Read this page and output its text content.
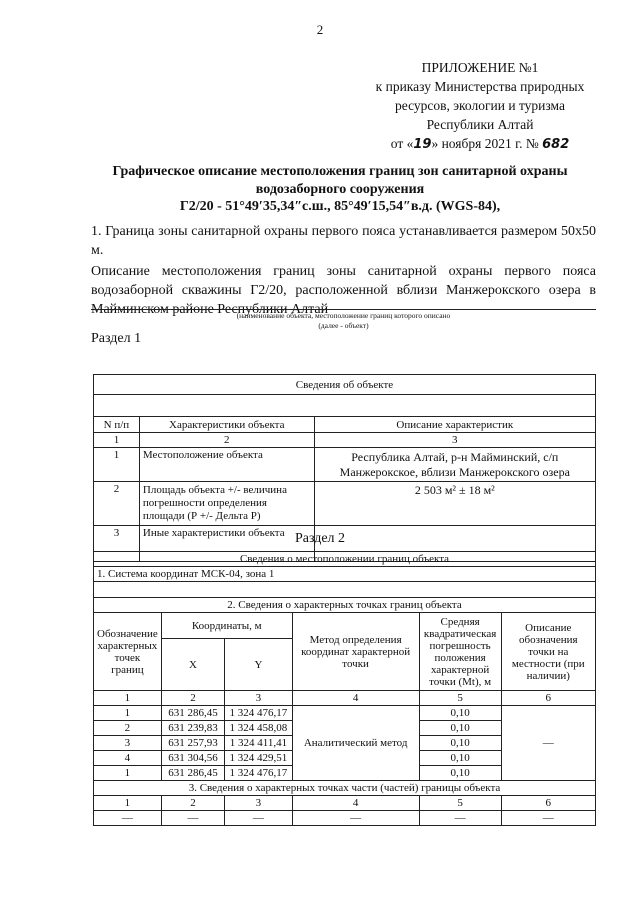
2
ПРИЛОЖЕНИЕ №1
к приказу Министерства природных
ресурсов, экологии и туризма
Республики Алтай
от «19» ноября 2021 г. № 682
Графическое описание местоположения границ зон санитарной охраны
водозаборного сооружения
Г2/20 - 51°49′35,34″с.ш., 85°49′15,54″в.д. (WGS-84),
1. Граница зоны санитарной охраны первого пояса устанавливается размером 50х50 м.
Описание местоположения границ зоны санитарной охраны первого пояса водозаборной скважины Г2/20, расположенной вблизи Манжерокского озера в Майминском районе Республики Алтай
(наименование объекта, местоположение границ которого описано
(далее - объект)
Раздел 1
Сведения об объекте		

N п/п	Характеристики объекта	Описание характеристик
1	2	3
1	Местоположение объекта	Республика Алтай, р-н Майминский, с/п Манжерокское, вблизи Манжерокского озера
2	Площадь объекта +/- величина погрешности определения площади (Р +/- Дельта Р)	2 503 м² ± 18 м²
3	Иные характеристики объекта	Раздел 2
Сведения о местоположении границ объекта					
1. Система координат МСК-04, зона 1					

2. Сведения о характерных точках границ объекта					
Обозначение характерных точек границ	Координаты, м		Метод определения координат характерной точки	Средняя квадратическая погрешность положения характерной точки (Mt), м	Описание обозначения точки на местности (при наличии)
	X	Y			
1	2	3	4	5	6
1	631 286,45	1 324 476,17	Аналитический метод	0,10	—
2	631 239,83	1 324 458,08		0,10	
3	631 257,93	1 324 411,41		0,10	
4	631 304,56	1 324 429,51		0,10	
1	631 286,45	1 324 476,17		0,10	
3. Сведения о характерных точках части (частей) границы объекта					
1	2	3	4	5	6
—	—	—	—	—	—
